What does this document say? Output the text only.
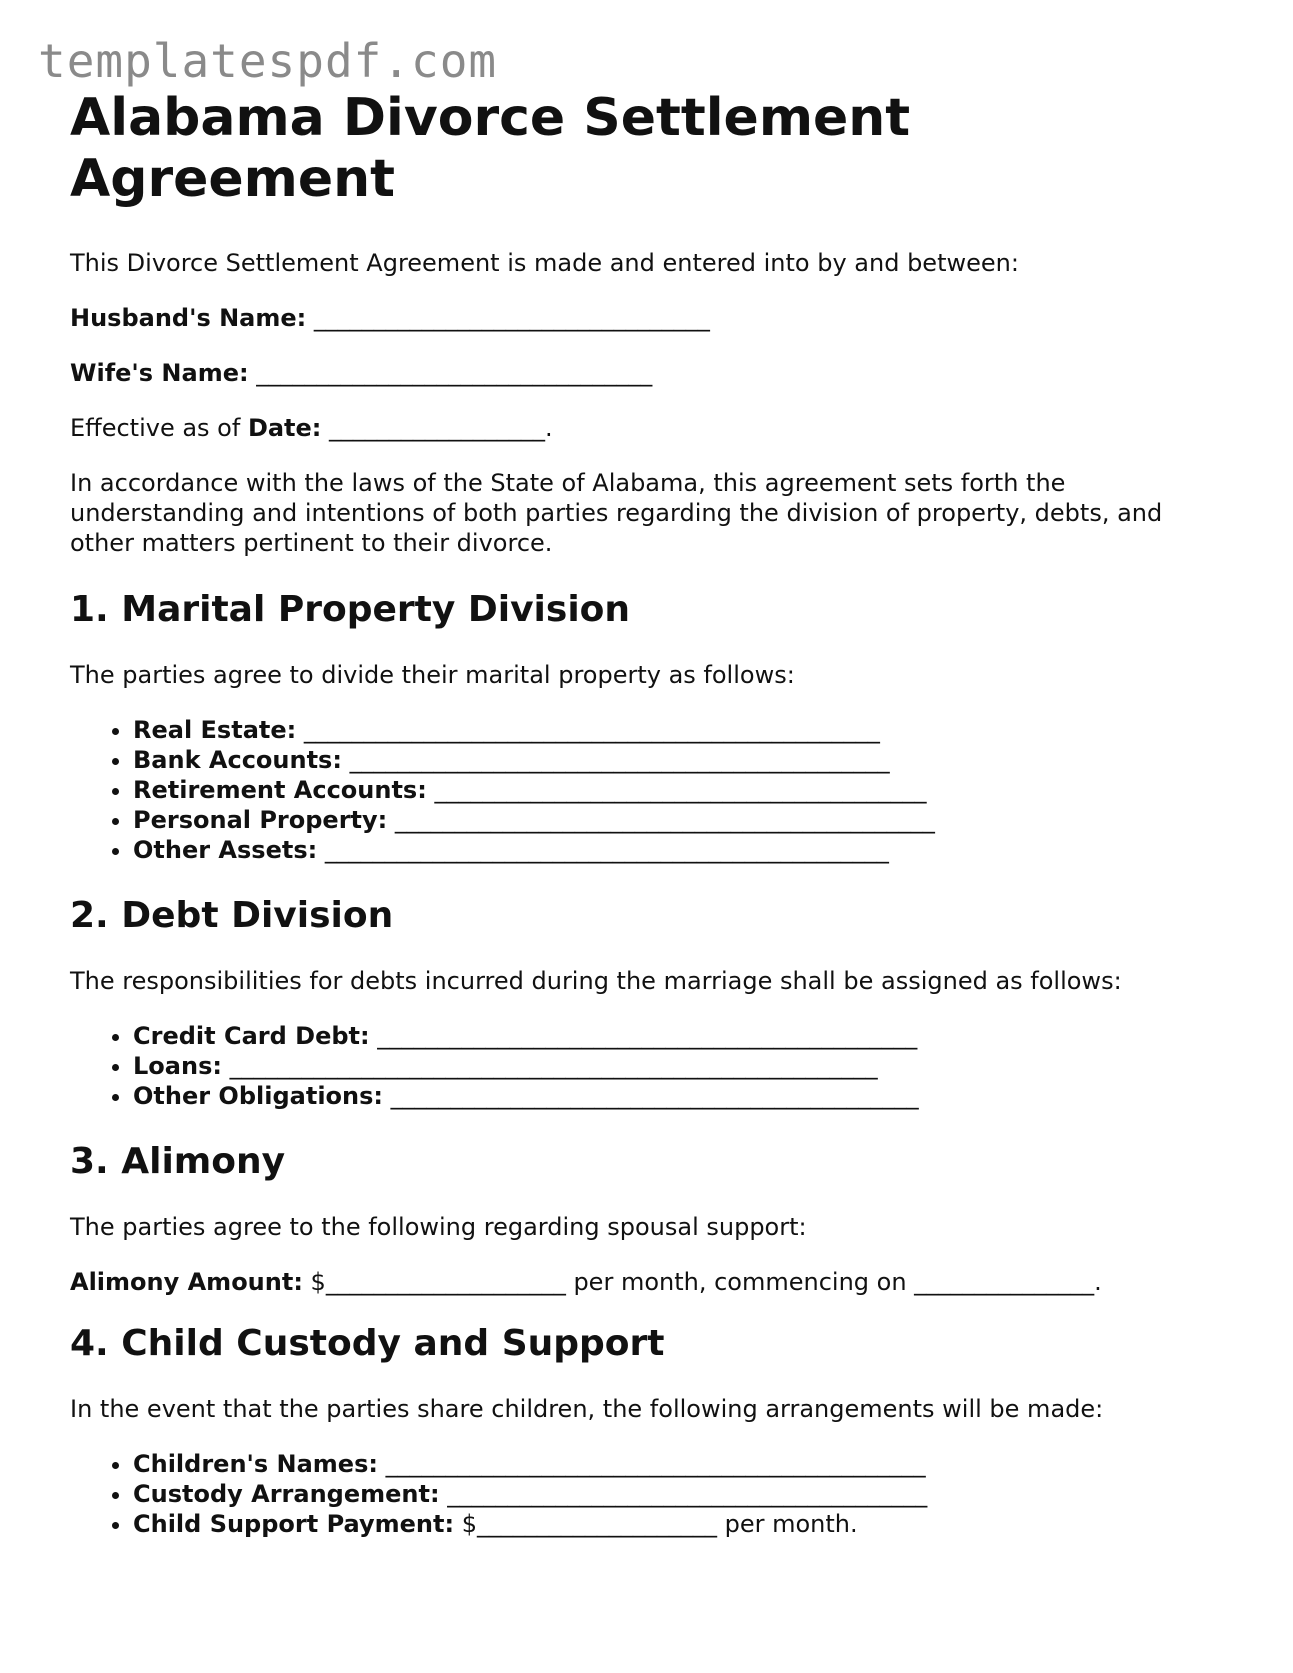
templatespdf.com
Alabama Divorce Settlement Agreement

This Divorce Settlement Agreement is made and entered into by and between:

Husband's Name: _________________________________

Wife's Name: _________________________________

Effective as of Date: __________________.

In accordance with the laws of the State of Alabama, this agreement sets forth the understanding and intentions of both parties regarding the division of property, debts, and other matters pertinent to their divorce.

1. Marital Property Division

The parties agree to divide their marital property as follows:

• Real Estate: ________________________________________________
• Bank Accounts: _____________________________________________
• Retirement Accounts: _________________________________________
• Personal Property: _____________________________________________
• Other Assets: _______________________________________________
2. Debt Division

The responsibilities for debts incurred during the marriage shall be assigned as follows:

• Credit Card Debt: _____________________________________________
• Loans: ______________________________________________________
• Other Obligations: ____________________________________________
3. Alimony

The parties agree to the following regarding spousal support:

Alimony Amount: $____________________ per month, commencing on _______________.

4. Child Custody and Support

In the event that the parties share children, the following arrangements will be made:

• Children's Names: _____________________________________________
• Custody Arrangement: ________________________________________
• Child Support Payment: $____________________ per month.
